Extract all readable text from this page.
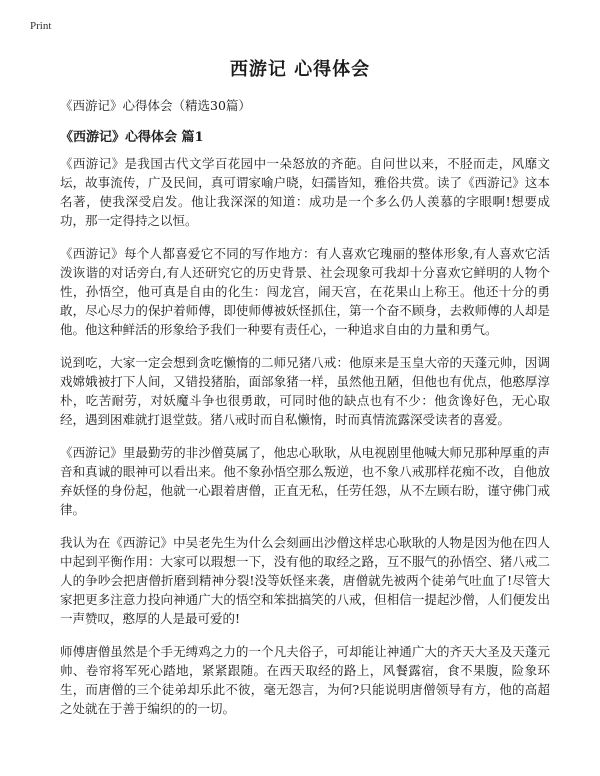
Print
西游记 心得体会
《西游记》心得体会（精选30篇）
《西游记》心得体会 篇1

《西游记》是我国古代文学百花园中一朵怒放的齐葩。自问世以来，不胫而走，风靡文坛，故事流传，广及民间，真可谓家喻户晓，妇孺皆知，雅俗共赏。读了《西游记》这本名著，使我深受启发。他让我深深的知道：成功是一个多么仍人羡慕的字眼啊!想要成功，那一定得持之以恒。

《西游记》每个人都喜爱它不同的写作地方：有人喜欢它瑰丽的整体形象,有人喜欢它活泼诙谐的对话旁白,有人还研究它的历史背景、社会现象可我却十分喜欢它鲜明的人物个性，孙悟空，他可真是自由的化生：闯龙宫，闹天宫，在花果山上称王。他还十分的勇敢，尽心尽力的保护着师傅，即使师傅被妖怪抓住，第一个奋不顾身，去救师傅的人却是他。他这种鲜活的形象给予我们一种要有责任心，一种追求自由的力量和勇气。

说到吃，大家一定会想到贪吃懒惰的二师兄猪八戒：他原来是玉皇大帝的天蓬元帅，因调戏嫦娥被打下人间，又错投猪胎，面部象猪一样，虽然他丑陋，但他也有优点，他憨厚淳朴，吃苦耐劳，对妖魔斗争也很勇敢，可同时他的缺点也有不少：他贪谗好色，无心取经，遇到困难就打退堂鼓。猪八戒时而自私懒惰，时而真情流露深受读者的喜爱。

《西游记》里最勤劳的非沙僧莫属了，他忠心耿耿，从电视剧里他喊大师兄那种厚重的声音和真诚的眼神可以看出来。他不象孙悟空那么叛逆，也不象八戒那样花痴不改，自他放弃妖怪的身份起，他就一心跟着唐僧，正直无私，任劳任怨，从不左顾右盼，谨守佛门戒律。

我认为在《西游记》中吴老先生为什么会刻画出沙僧这样忠心耿耿的人物是因为他在四人中起到平衡作用：大家可以瑕想一下，没有他的取经之路，互不服气的孙悟空、猪八戒二人的争吵会把唐僧折磨到精神分裂!没等妖怪来袭，唐僧就先被两个徒弟气吐血了!尽管大家把更多注意力投向神通广大的悟空和笨拙搞笑的八戒，但相信一提起沙僧，人们便发出一声赞叹，憨厚的人是最可爱的!

师傅唐僧虽然是个手无缚鸡之力的一个凡夫俗子，可却能让神通广大的齐天大圣及天蓬元帅、卷帘将军死心踏地，紧紧跟随。在西天取经的路上，风餐露宿，食不果腹，险象环生，而唐僧的三个徒弟却乐此不彼，毫无怨言，为何?只能说明唐僧领导有方，他的高超之处就在于善于编织的的一切。
